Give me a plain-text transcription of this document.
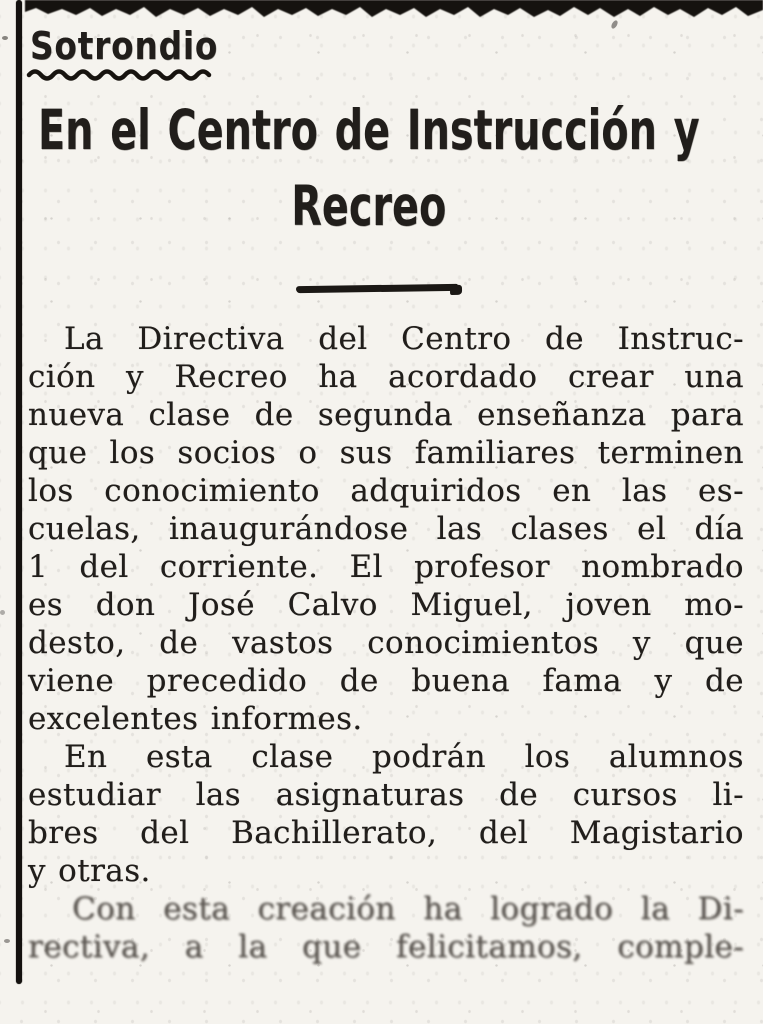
Sotrondio
En el Centro de Instrucción y
Recreo
La Directiva del Centro de Instruc-
ción y Recreo ha acordado crear una
nueva clase de segunda enseñanza para
que los socios o sus familiares terminen
los conocimiento adquiridos en las es-
cuelas, inaugurándose las clases el día
1 del corriente. El profesor nombrado
es don José Calvo Miguel, joven mo-
desto, de vastos conocimientos y que
viene precedido de buena fama y de
excelentes informes.
En esta clase podrán los alumnos
estudiar las asignaturas de cursos li-
bres del Bachillerato, del Magistario
y otras.
Con esta creación ha logrado la Di-
rectiva, a la que felicitamos, comple-
